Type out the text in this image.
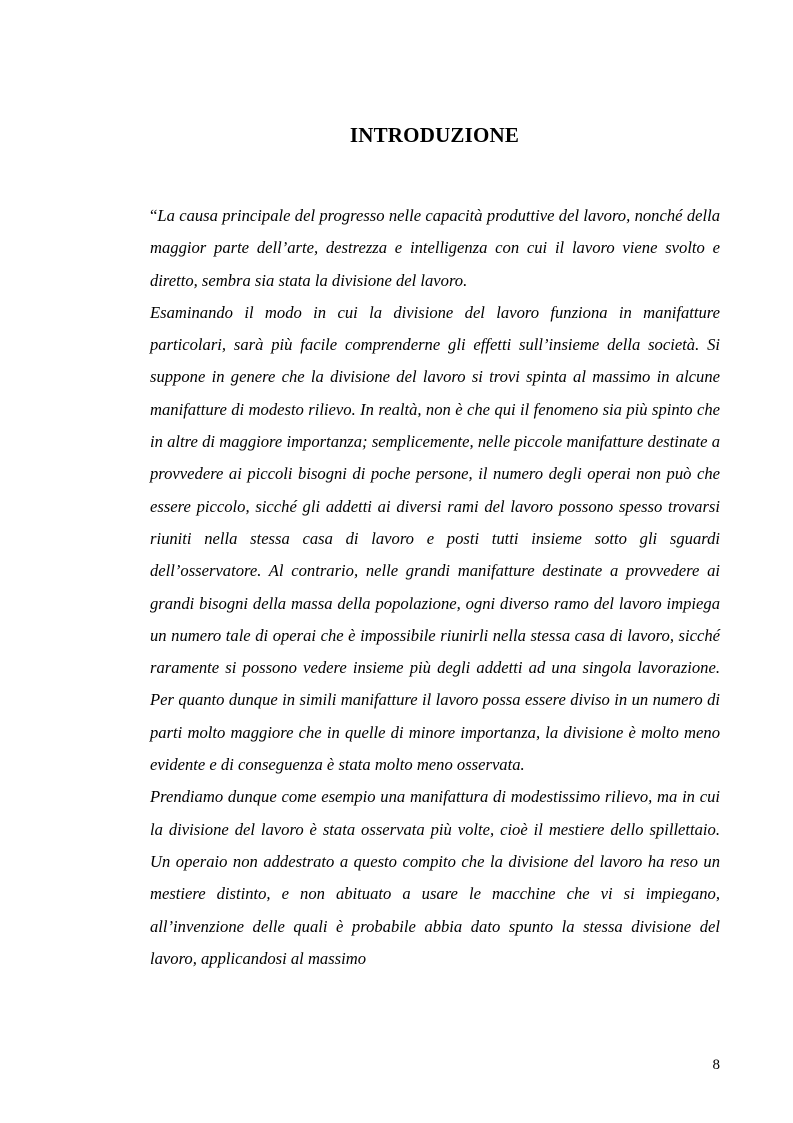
INTRODUZIONE

“La causa principale del progresso nelle capacità produttive del lavoro, nonché della maggior parte dell’arte, destrezza e intelligenza con cui il lavoro viene svolto e diretto, sembra sia stata la divisione del lavoro.

Esaminando il modo in cui la divisione del lavoro funziona in manifatture particolari, sarà più facile comprenderne gli effetti sull’insieme della società. Si suppone in genere che la divisione del lavoro si trovi spinta al massimo in alcune manifatture di modesto rilievo. In realtà, non è che qui il fenomeno sia più spinto che in altre di maggiore importanza; semplicemente, nelle piccole manifatture destinate a provvedere ai piccoli bisogni di poche persone, il numero degli operai non può che essere piccolo, sicché gli addetti ai diversi rami del lavoro possono spesso trovarsi riuniti nella stessa casa di lavoro e posti tutti insieme sotto gli sguardi dell’osservatore. Al contrario, nelle grandi manifatture destinate a provvedere ai grandi bisogni della massa della popolazione, ogni diverso ramo del lavoro impiega un numero tale di operai che è impossibile riunirli nella stessa casa di lavoro, sicché raramente si possono vedere insieme più degli addetti ad una singola lavorazione. Per quanto dunque in simili manifatture il lavoro possa essere diviso in un numero di parti molto maggiore che in quelle di minore importanza, la divisione è molto meno evidente e di conseguenza è stata molto meno osservata.

Prendiamo dunque come esempio una manifattura di modestissimo rilievo, ma in cui la divisione del lavoro è stata osservata più volte, cioè il mestiere dello spillettaio. Un operaio non addestrato a questo compito che la divisione del lavoro ha reso un mestiere distinto, e non abituato a usare le macchine che vi si impiegano, all’invenzione delle quali è probabile abbia dato spunto la stessa divisione del lavoro, applicandosi al massimo

8
